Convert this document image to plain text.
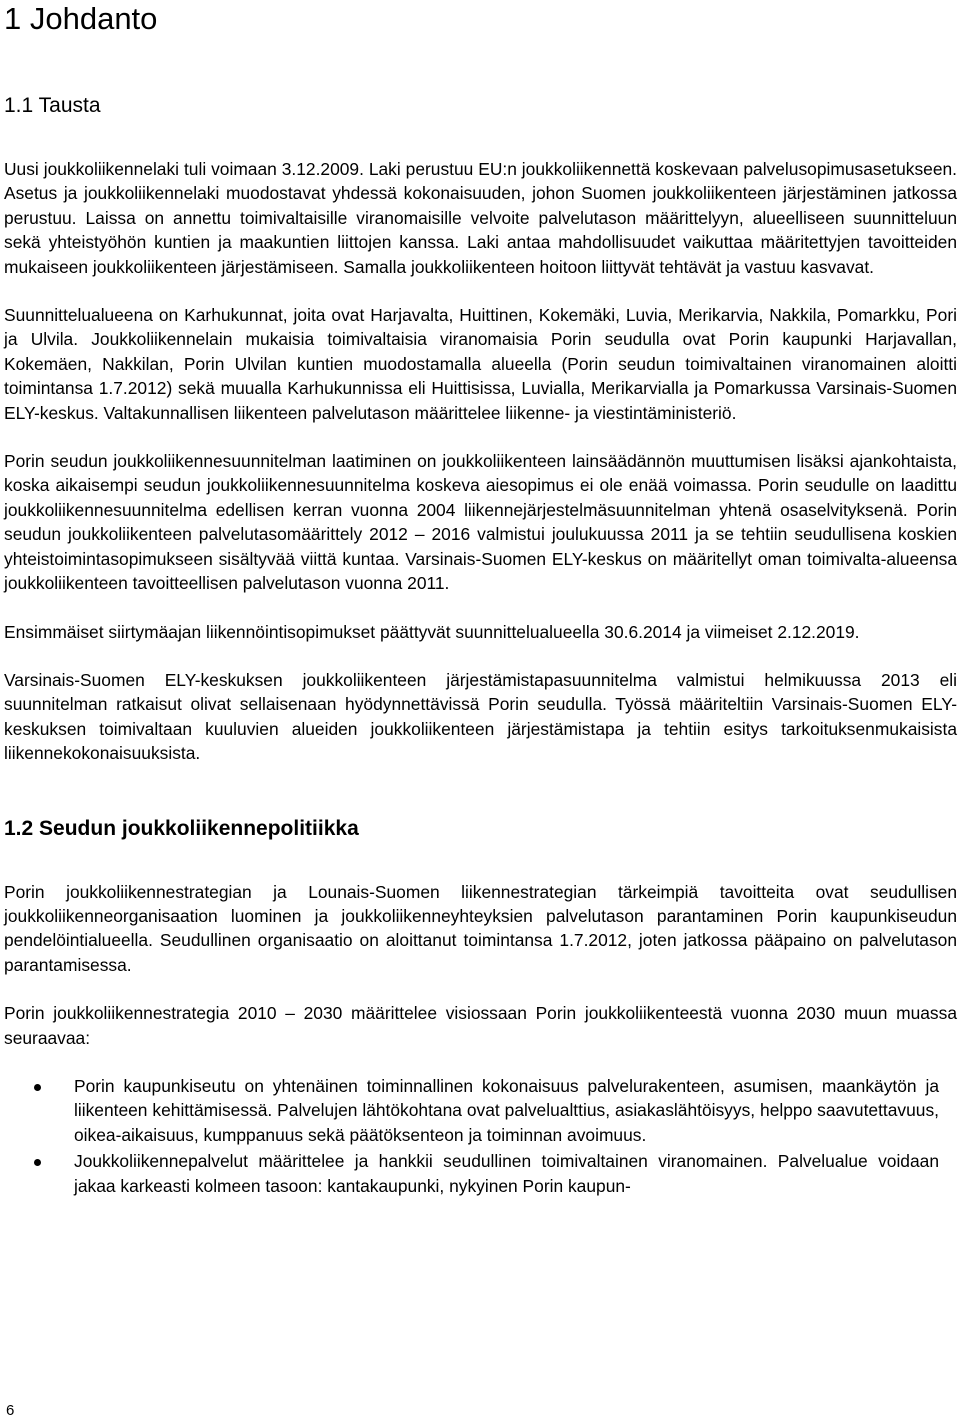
1 Johdanto
1.1 Tausta

Uusi joukkoliikennelaki tuli voimaan 3.12.2009. Laki perustuu EU:n joukkoliikennettä koskevaan palvelusopimusasetukseen. Asetus ja joukkoliikennelaki muodostavat yhdessä kokonaisuuden, johon Suomen joukkoliikenteen järjestäminen jatkossa perustuu. Laissa on annettu toimivaltaisille viranomaisille velvoite palvelutason määrittelyyn, alueelliseen suunnitteluun sekä yhteistyöhön kuntien ja maakuntien liittojen kanssa. Laki antaa mahdollisuudet vaikuttaa määritettyjen tavoitteiden mukaiseen joukkoliikenteen järjestämiseen. Samalla joukkoliikenteen hoitoon liittyvät tehtävät ja vastuu kasvavat.

Suunnittelualueena on Karhukunnat, joita ovat Harjavalta, Huittinen, Kokemäki, Luvia, Merikarvia, Nakkila, Pomarkku, Pori ja Ulvila. Joukkoliikennelain mukaisia toimivaltaisia viranomaisia Porin seudulla ovat Porin kaupunki Harjavallan, Kokemäen, Nakkilan, Porin Ulvilan kuntien muodostamalla alueella (Porin seudun toimivaltainen viranomainen aloitti toimintansa 1.7.2012) sekä muualla Karhukunnissa eli Huittisissa, Luvialla, Merikarvialla ja Pomarkussa Varsinais-Suomen ELY-keskus. Valtakunnallisen liikenteen palvelutason määrittelee liikenne- ja viestintäministeriö.

Porin seudun joukkoliikennesuunnitelman laatiminen on joukkoliikenteen lainsäädännön muuttumisen lisäksi ajankohtaista, koska aikaisempi seudun joukkoliikennesuunnitelma koskeva aiesopimus ei ole enää voimassa. Porin seudulle on laadittu joukkoliikennesuunnitelma edellisen kerran vuonna 2004 liikennejärjestelmäsuunnitelman yhtenä osaselvityksenä. Porin seudun joukkoliikenteen palvelutasomäärittely 2012 – 2016 valmistui joulukuussa 2011 ja se tehtiin seudullisena koskien yhteistoimintasopimukseen sisältyvää viittä kuntaa. Varsinais-Suomen ELY-keskus on määritellyt oman toimivalta-alueensa joukkoliikenteen tavoitteellisen palvelutason vuonna 2011.

Ensimmäiset siirtymäajan liikennöintisopimukset päättyvät suunnittelualueella 30.6.2014 ja viimeiset 2.12.2019.

Varsinais-Suomen ELY-keskuksen joukkoliikenteen järjestämistapasuunnitelma valmistui helmikuussa 2013 eli suunnitelman ratkaisut olivat sellaisenaan hyödynnettävissä Porin seudulla. Työssä määriteltiin Varsinais-Suomen ELY-keskuksen toimivaltaan kuuluvien alueiden joukkoliikenteen järjestämistapa ja tehtiin esitys tarkoituksenmukaisista liikennekokonaisuuksista.

1.2 Seudun joukkoliikennepolitiikka

Porin joukkoliikennestrategian ja Lounais-Suomen liikennestrategian tärkeimpiä tavoitteita ovat seudullisen joukkoliikenneorganisaation luominen ja joukkoliikenneyhteyksien palvelutason parantaminen Porin kaupunkiseudun pendelöintialueella. Seudullinen organisaatio on aloittanut toimintansa 1.7.2012, joten jatkossa pääpaino on palvelutason parantamisessa.

Porin joukkoliikennestrategia 2010 – 2030 määrittelee visiossaan Porin joukkoliikenteestä vuonna 2030 muun muassa seuraavaa:

Porin kaupunkiseutu on yhtenäinen toiminnallinen kokonaisuus palvelurakenteen, asumisen, maankäytön ja liikenteen kehittämisessä. Palvelujen lähtökohtana ovat palvelualttius, asiakaslähtöisyys, helppo saavutettavuus, oikea-aikaisuus, kumppanuus sekä päätöksenteon ja toiminnan avoimuus.
Joukkoliikennepalvelut määrittelee ja hankkii seudullinen toimivaltainen viranomainen. Palvelualue voidaan jakaa karkeasti kolmeen tasoon: kantakaupunki, nykyinen Porin kaupun-
6
